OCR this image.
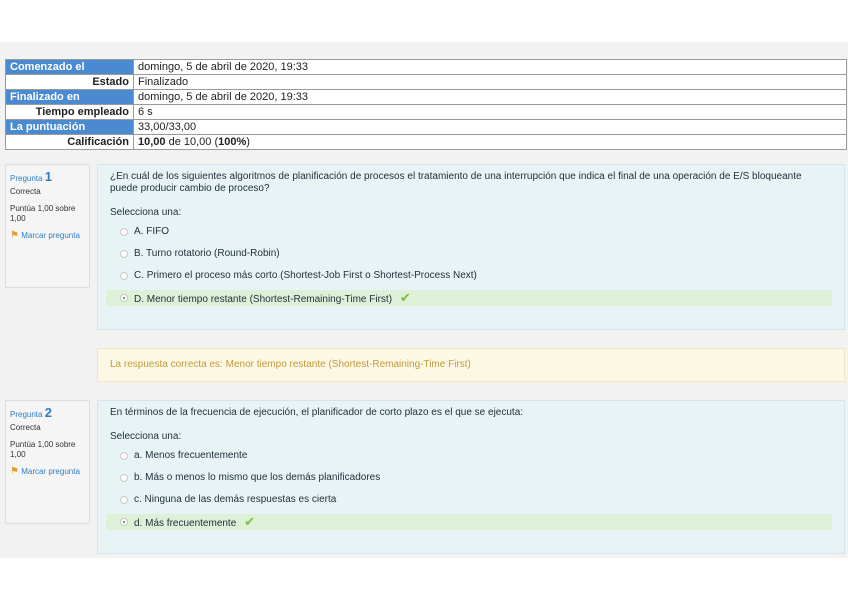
Comenzado el	domingo, 5 de abril de 2020, 19:33
Estado	Finalizado
Finalizado en	domingo, 5 de abril de 2020, 19:33
Tiempo empleado	6 s
La puntuación	33,00/33,00
Calificación	10,00 de 10,00 (100%)
Pregunta 1
Correcta
Puntúa 1,00 sobre 1,00
⚑ Marcar pregunta
¿En cuál de los siguientes algoritmos de planificación de procesos el tratamiento de una interrupción que indica el final de una operación de E/S bloqueante puede producir cambio de proceso?
Selecciona una:
A. FIFO
B. Turno rotatorio (Round-Robin)
C. Primero el proceso más corto (Shortest-Job First o Shortest-Process Next)
D. Menor tiempo restante (Shortest-Remaining-Time First) ✔
La respuesta correcta es: Menor tiempo restante (Shortest-Remaining-Time First)
Pregunta 2
Correcta
Puntúa 1,00 sobre 1,00
⚑ Marcar pregunta
En términos de la frecuencia de ejecución, el planificador de corto plazo es el que se ejecuta:
Selecciona una:
a. Menos frecuentemente
b. Más o menos lo mismo que los demás planificadores
c. Ninguna de las demás respuestas es cierta
d. Más frecuentemente ✔
